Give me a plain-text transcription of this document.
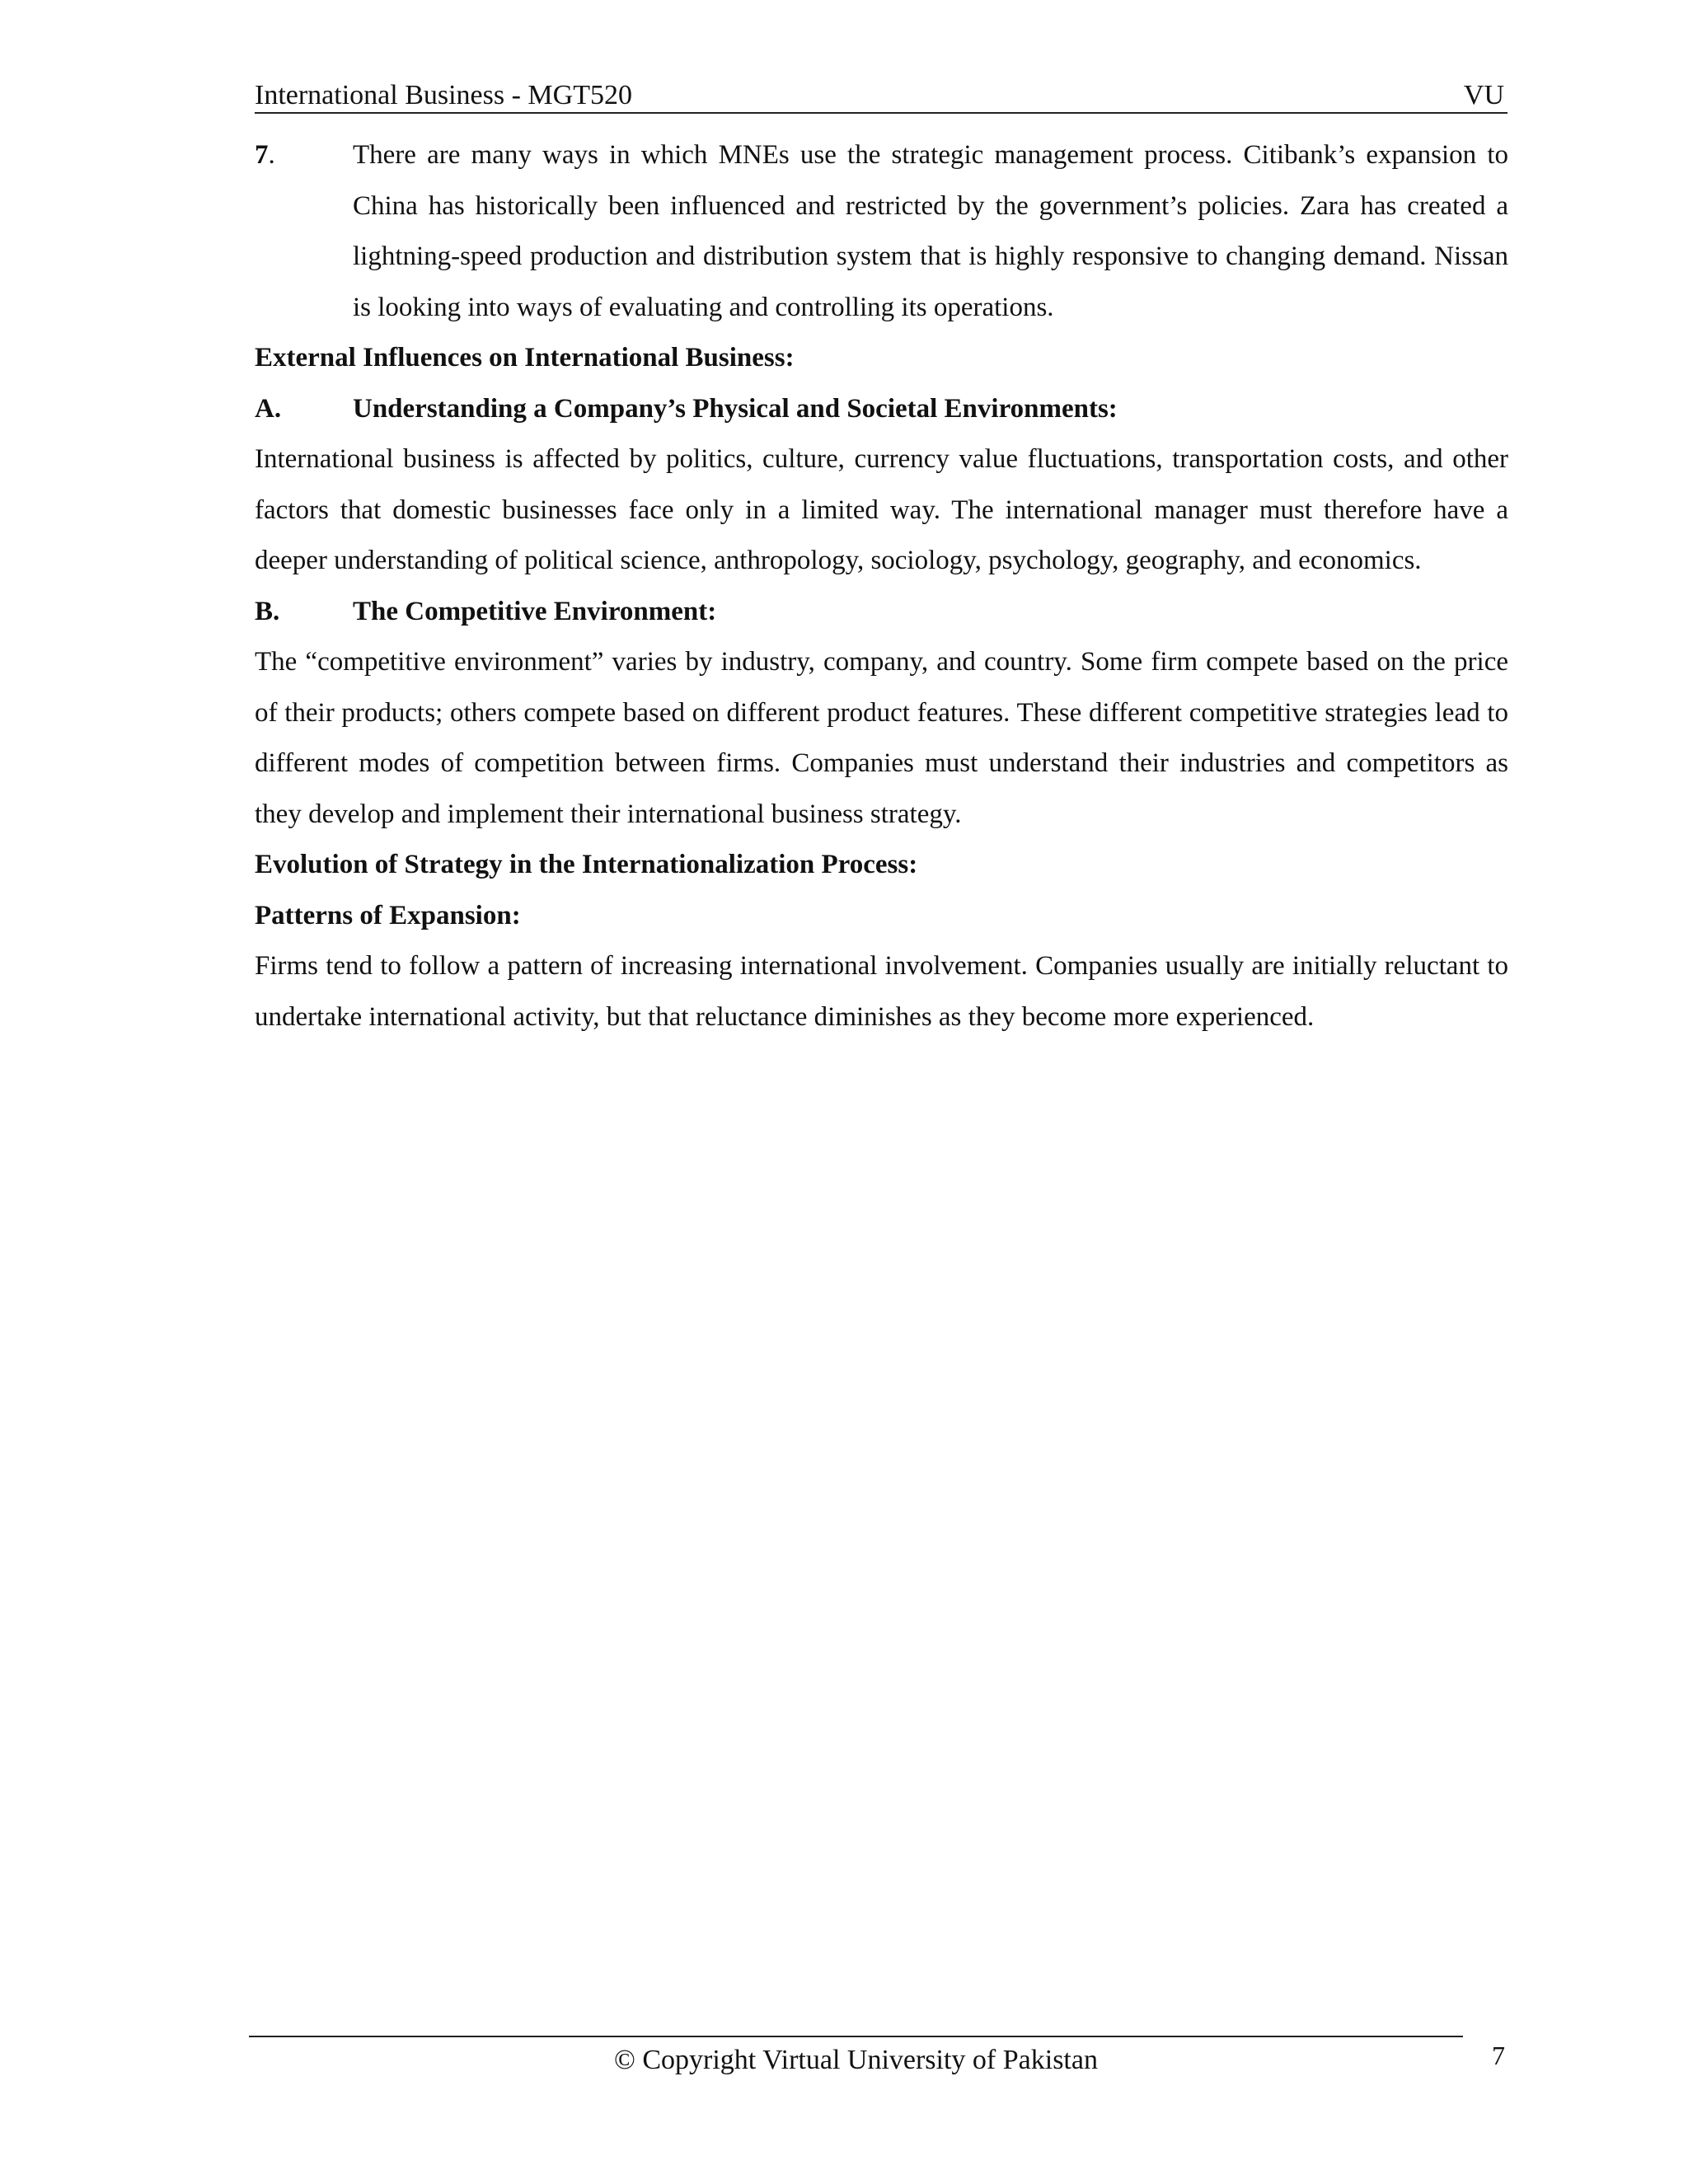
International Business - MGT520	VU
7.	There are many ways in which MNEs use the strategic management process. Citibank’s expansion to China has historically been influenced and restricted by the government’s policies. Zara has created a lightning-speed production and distribution system that is highly responsive to changing demand. Nissan is looking into ways of evaluating and controlling its operations.

External Influences on International Business:

A.	Understanding a Company’s Physical and Societal Environments:

International business is affected by politics, culture, currency value fluctuations, transportation costs, and other factors that domestic businesses face only in a limited way. The international manager must therefore have a deeper understanding of political science, anthropology, sociology, psychology, geography, and economics.

B.	The Competitive Environment:

The “competitive environment” varies by industry, company, and country. Some firm compete based on the price of their products; others compete based on different product features. These different competitive strategies lead to different modes of competition between firms. Companies must understand their industries and competitors as they develop and implement their international business strategy.

Evolution of Strategy in the Internationalization Process:

Patterns of Expansion:

Firms tend to follow a pattern of increasing international involvement. Companies usually are initially reluctant to undertake international activity, but that reluctance diminishes as they become more experienced.

© Copyright Virtual University of Pakistan	7
